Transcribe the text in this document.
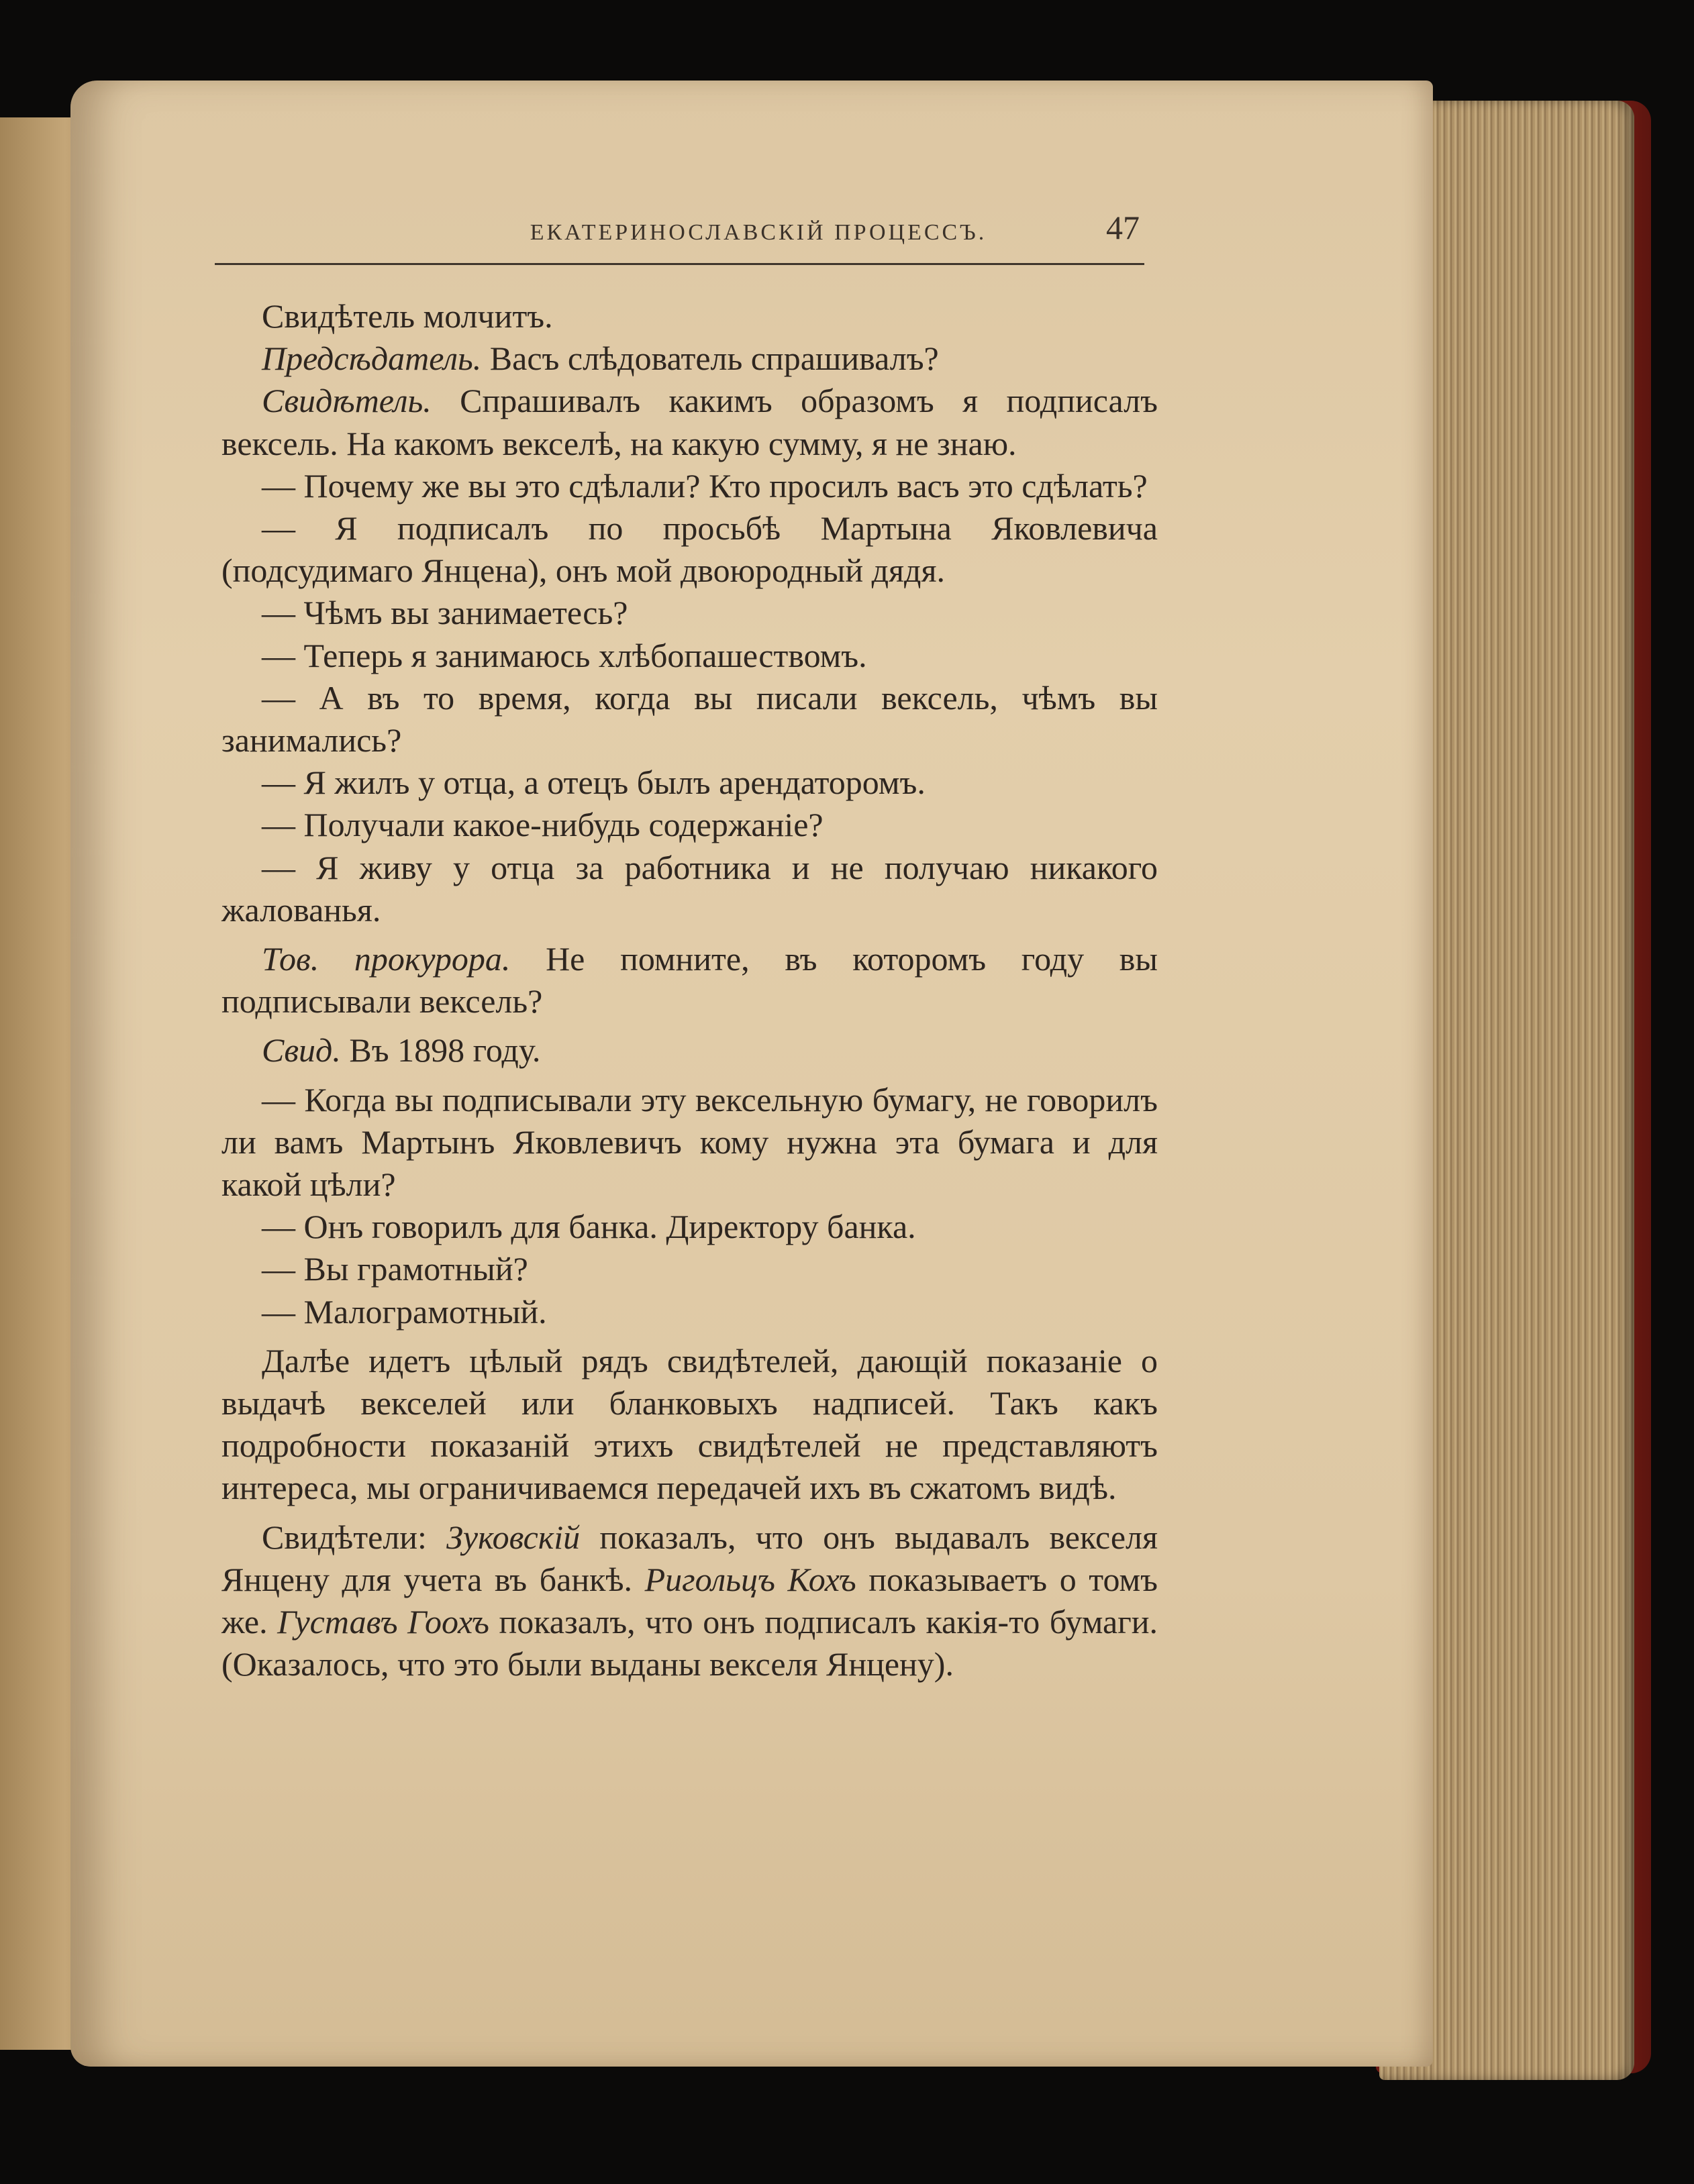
ЕКАТЕРИНОСЛАВСКІЙ ПРОЦЕССЪ.	47

Свидѣтель молчитъ.

Предсѣдатель. Васъ слѣдователь спрашивалъ?

Свидѣтель. Спрашивалъ какимъ образомъ я подписалъ вексель. На какомъ векселѣ, на какую сумму, я не знаю.

— Почему же вы это сдѣлали? Кто просилъ васъ это сдѣлать?

— Я подписалъ по просьбѣ Мартына Яковлевича (подсудимаго Янцена), онъ мой двоюродный дядя.

— Чѣмъ вы занимаетесь?

— Теперь я занимаюсь хлѣбопашествомъ.

— А въ то время, когда вы писали вексель, чѣмъ вы занимались?

— Я жилъ у отца, а отецъ былъ арендаторомъ.

— Получали какое-нибудь содержаніе?

— Я живу у отца за работника и не получаю никакого жалованья.

Тов. прокурора. Не помните, въ которомъ году вы подписывали вексель?

Свид. Въ 1898 году.

— Когда вы подписывали эту вексельную бумагу, не говорилъ ли вамъ Мартынъ Яковлевичъ кому нужна эта бумага и для какой цѣли?

— Онъ говорилъ для банка. Директору банка.

— Вы грамотный?

— Малограмотный.

Далѣе идетъ цѣлый рядъ свидѣтелей, дающій показаніе о выдачѣ векселей или бланковыхъ надписей. Такъ какъ подробности показаній этихъ свидѣтелей не представляютъ интереса, мы ограничиваемся передачей ихъ въ сжатомъ видѣ.

Свидѣтели: Зуковскій показалъ, что онъ выдавалъ векселя Янцену для учета въ банкѣ. Ригольцъ Кохъ показываетъ о томъ же. Густавъ Гоохъ показалъ, что онъ подписалъ какія-то бумаги. (Оказалось, что это были выданы векселя Янцену).
